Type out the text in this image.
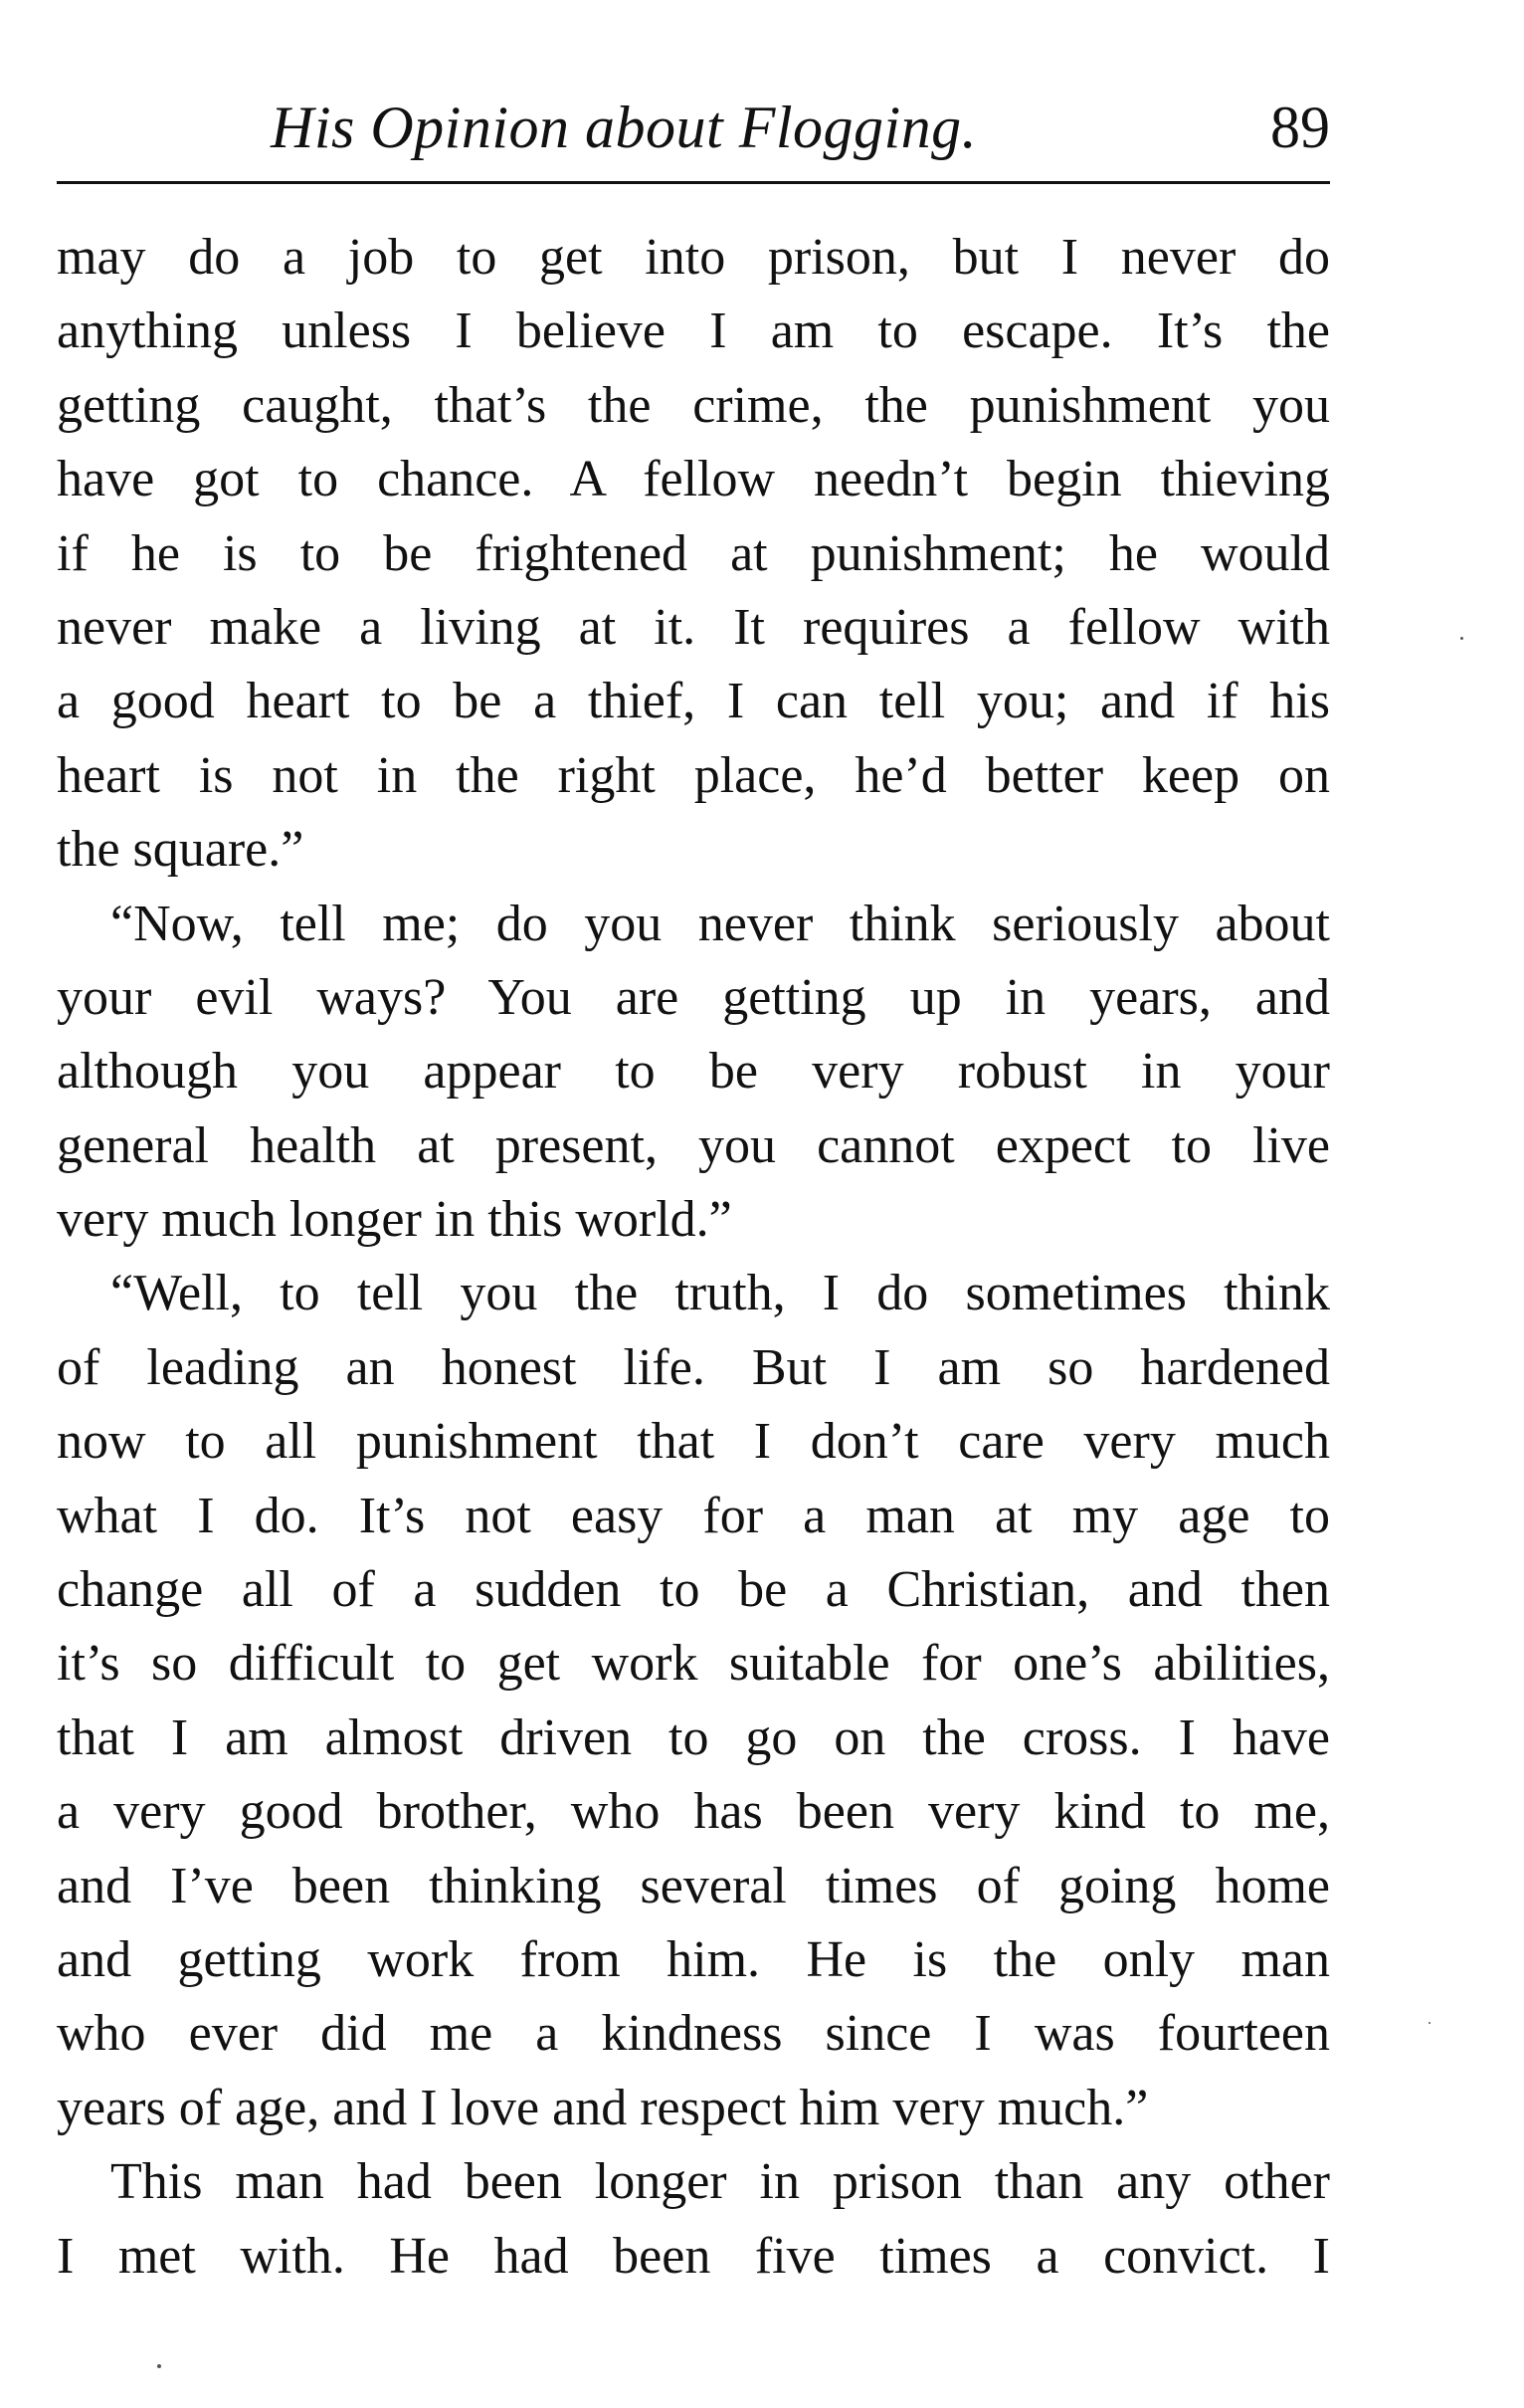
His Opinion about Flogging.	89
may do a job to get into prison, but I never do
anything unless I believe I am to escape. It’s the
getting caught, that’s the crime, the punishment you
have got to chance. A fellow needn’t begin thieving
if he is to be frightened at punishment; he would
never make a living at it. It requires a fellow with
a good heart to be a thief, I can tell you; and if his
heart is not in the right place, he’d better keep on
the square.”
“Now, tell me; do you never think seriously about
your evil ways? You are getting up in years, and
although you appear to be very robust in your
general health at present, you cannot expect to live
very much longer in this world.”
“Well, to tell you the truth, I do sometimes think
of leading an honest life. But I am so hardened
now to all punishment that I don’t care very much
what I do. It’s not easy for a man at my age to
change all of a sudden to be a Christian, and then
it’s so difficult to get work suitable for one’s abilities,
that I am almost driven to go on the cross. I have
a very good brother, who has been very kind to me,
and I’ve been thinking several times of going home
and getting work from him. He is the only man
who ever did me a kindness since I was fourteen
years of age, and I love and respect him very much.”
This man had been longer in prison than any other
I met with. He had been five times a convict. I
